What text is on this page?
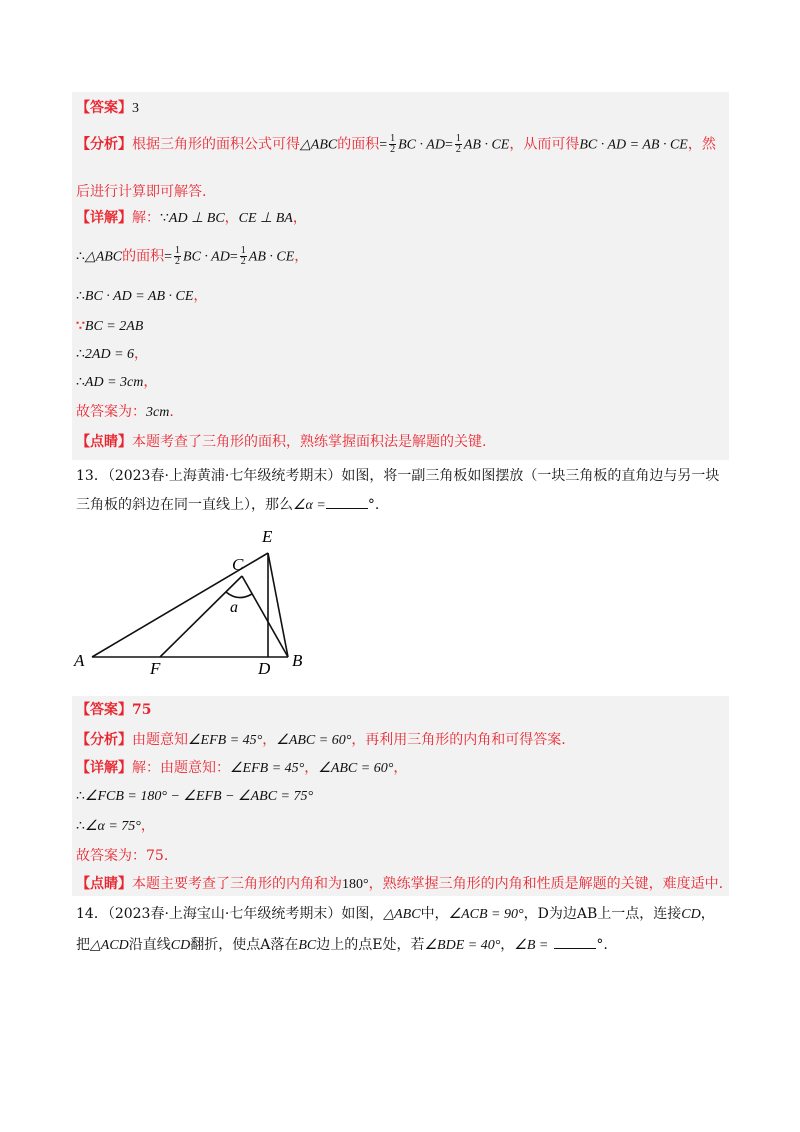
【答案】3
【分析】根据三角形的面积公式可得△ABC的面积= $\frac{1}{2}$ BC · $AD= \frac{1}{2}$ AB · CE，从而可得BC · AD = AB · CE，然
后进行计算即可解答.
【详解】解：∵AD ⊥ BC，CE ⊥ BA，
∴△ABC的面积= $\frac{1}{2}$ BC · $AD= \frac{1}{2}$ AB · CE，
∴BC · AD = AB · CE，
∵BC = 2AB
∴2AD = 6，
∴AD = 3cm，
故答案为：3cm.
【点睛】本题考查了三角形的面积，熟练掌握面积法是解题的关键.
13．（2023春·上海黄浦·七年级统考期末）如图，将一副三角板如图摆放（一块三角板的直角边与另一块
三角板的斜边在同一直线上），那么∠α =	°.
E
C
a
A	F	D B
【答案】75
【分析】由题意知∠EFB = 45°，∠ABC = 60°，再利用三角形的内角和可得答案.
【详解】解：由题意知：∠EFB = 45°，∠ABC = 60°，
∴∠FCB = 180° − ∠EFB − ∠ABC = 75°
∴∠α = 75°，
故答案为：75.
【点睛】本题主要考查了三角形的内角和为180°，熟练掌握三角形的内角和性质是解题的关键，难度适中.
14．（2023春·上海宝山·七年级统考期末）如图，△ABC中，∠ACB = 90°，D为边AB上一点，连接CD，
把△ACD沿直线CD翻折，使点A落在BC边上的点E处，若∠BDE = 40°，∠B =	°.
